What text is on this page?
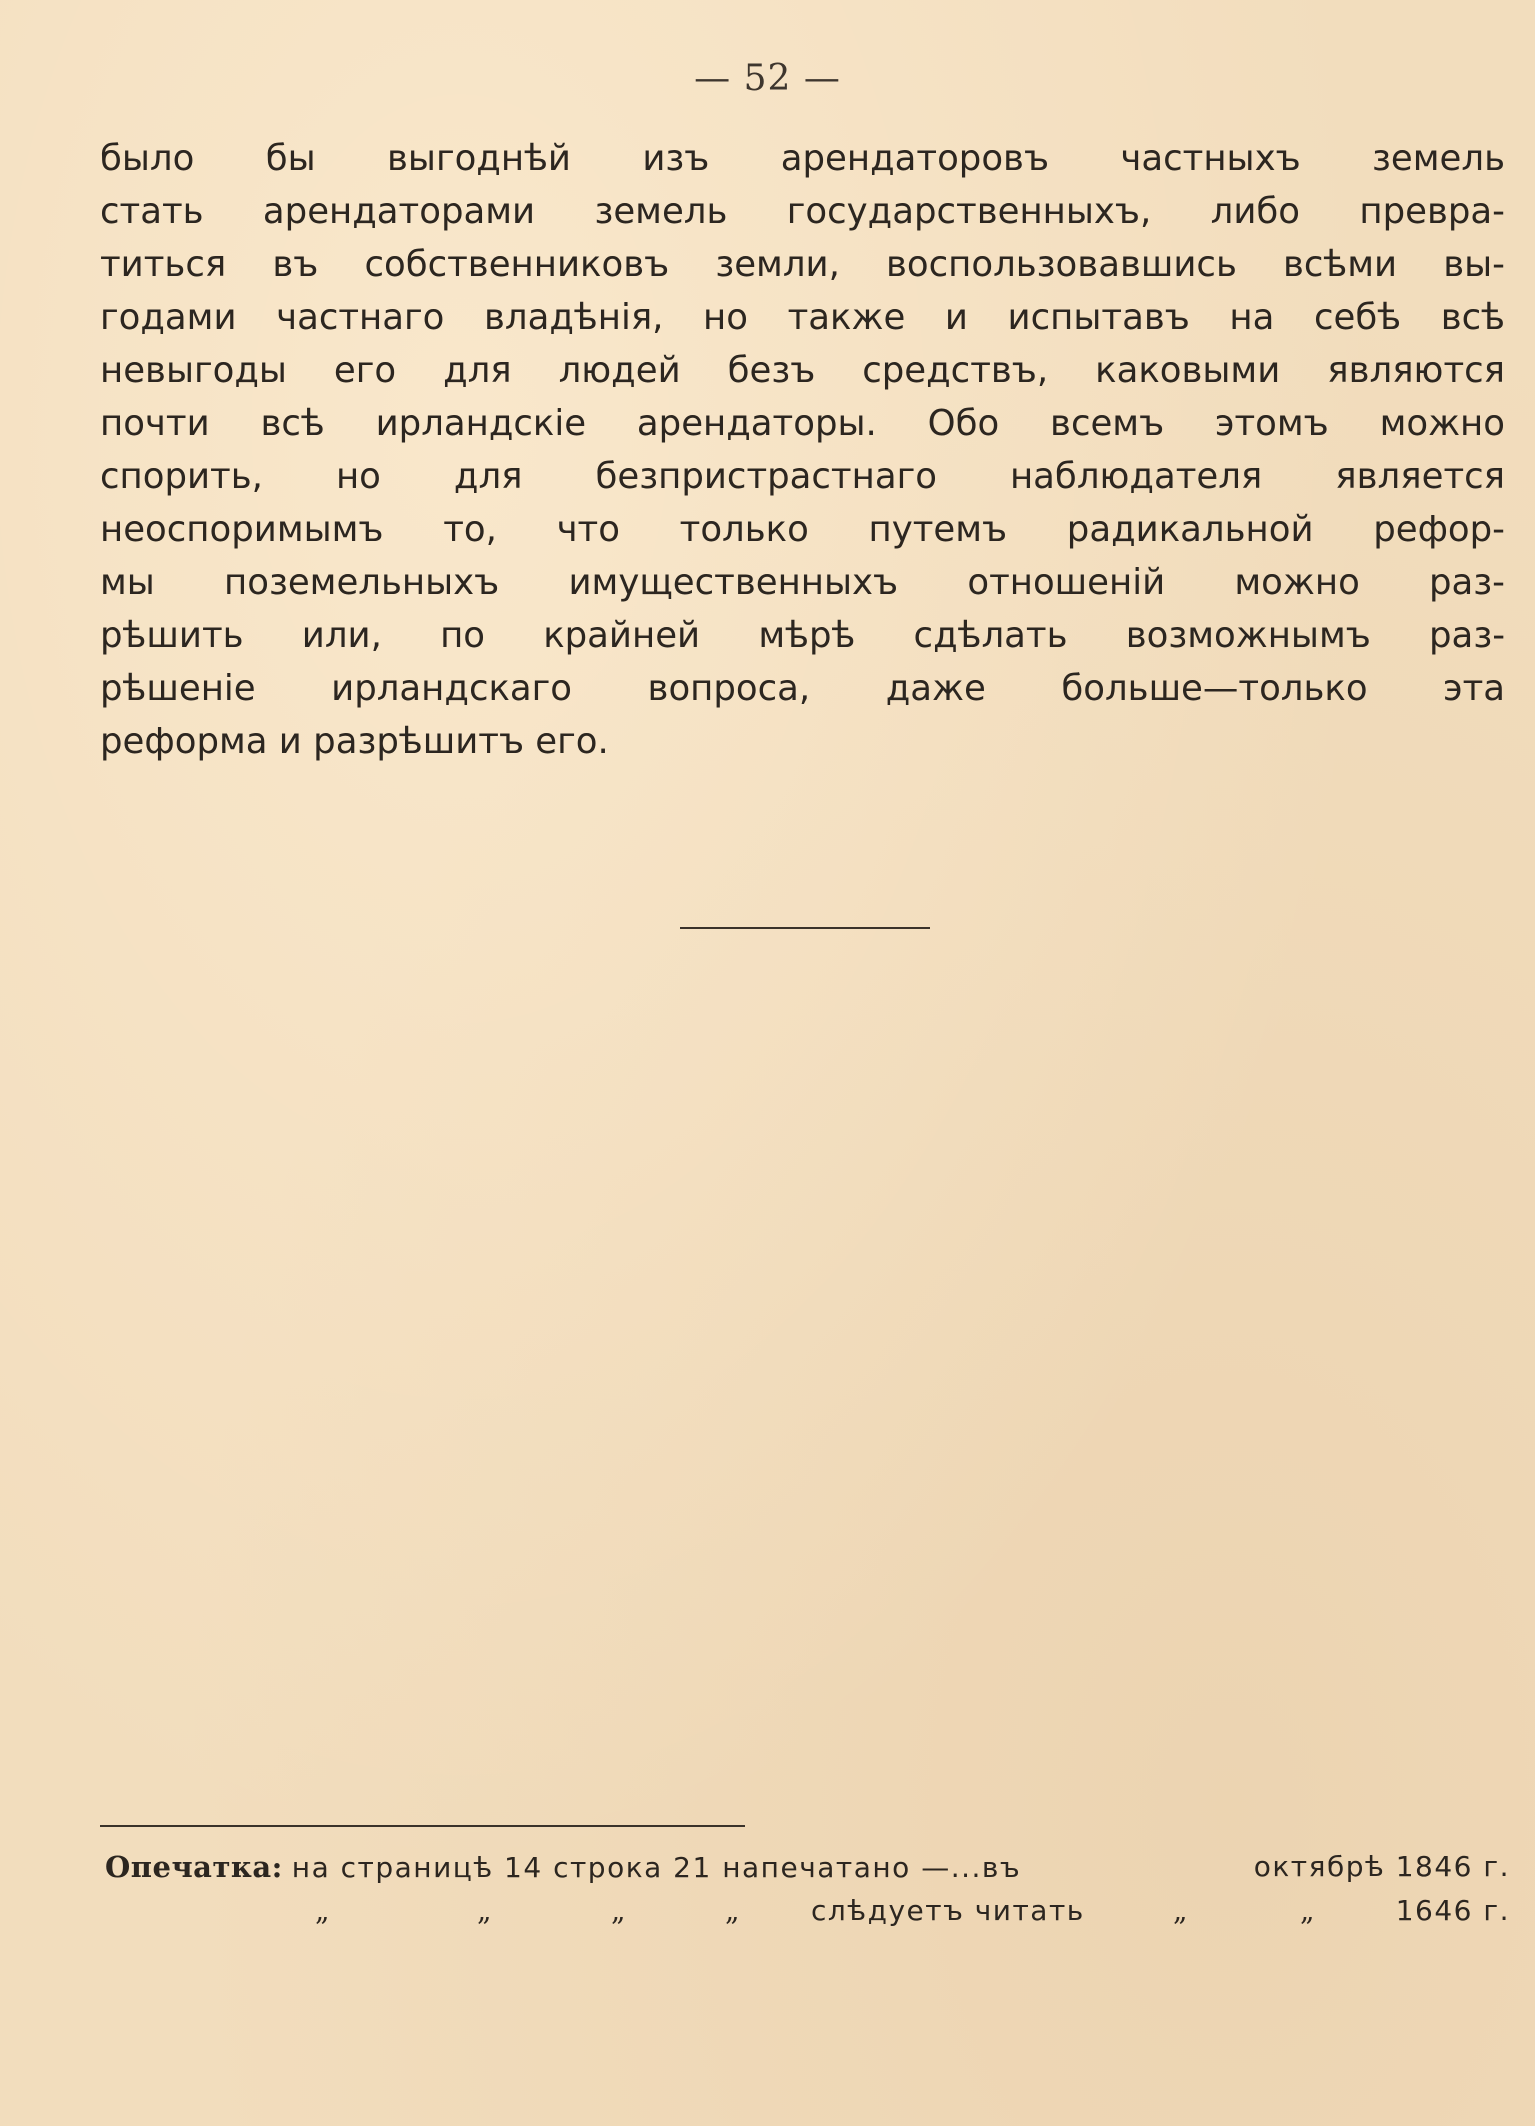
— 52 —
было бы выгоднѣй изъ арендаторовъ частныхъ земель
стать арендаторами земель государственныхъ, либо превра-
титься въ собственниковъ земли, воспользовавшись всѣми вы-
годами частнаго владѣнія, но также и испытавъ на себѣ всѣ
невыгоды его для людей безъ средствъ, каковыми являются
почти всѣ ирландскіе арендаторы. Обо всемъ этомъ можно
спорить, но для безпристрастнаго наблюдателя является
неоспоримымъ то, что только путемъ радикальной рефор-
мы поземельныхъ имущественныхъ отношеній можно раз-
рѣшить или, по крайней мѣрѣ сдѣлать возможнымъ раз-
рѣшеніе ирландскаго вопроса, даже больше—только эта
реформа и разрѣшитъ его.
Опечатка: на страницѣ 14 строка 21 напечатано —...въ	октябрѣ 1846 г.
„	„	„	„	слѣдуетъ читать	„	„	1646 г.
